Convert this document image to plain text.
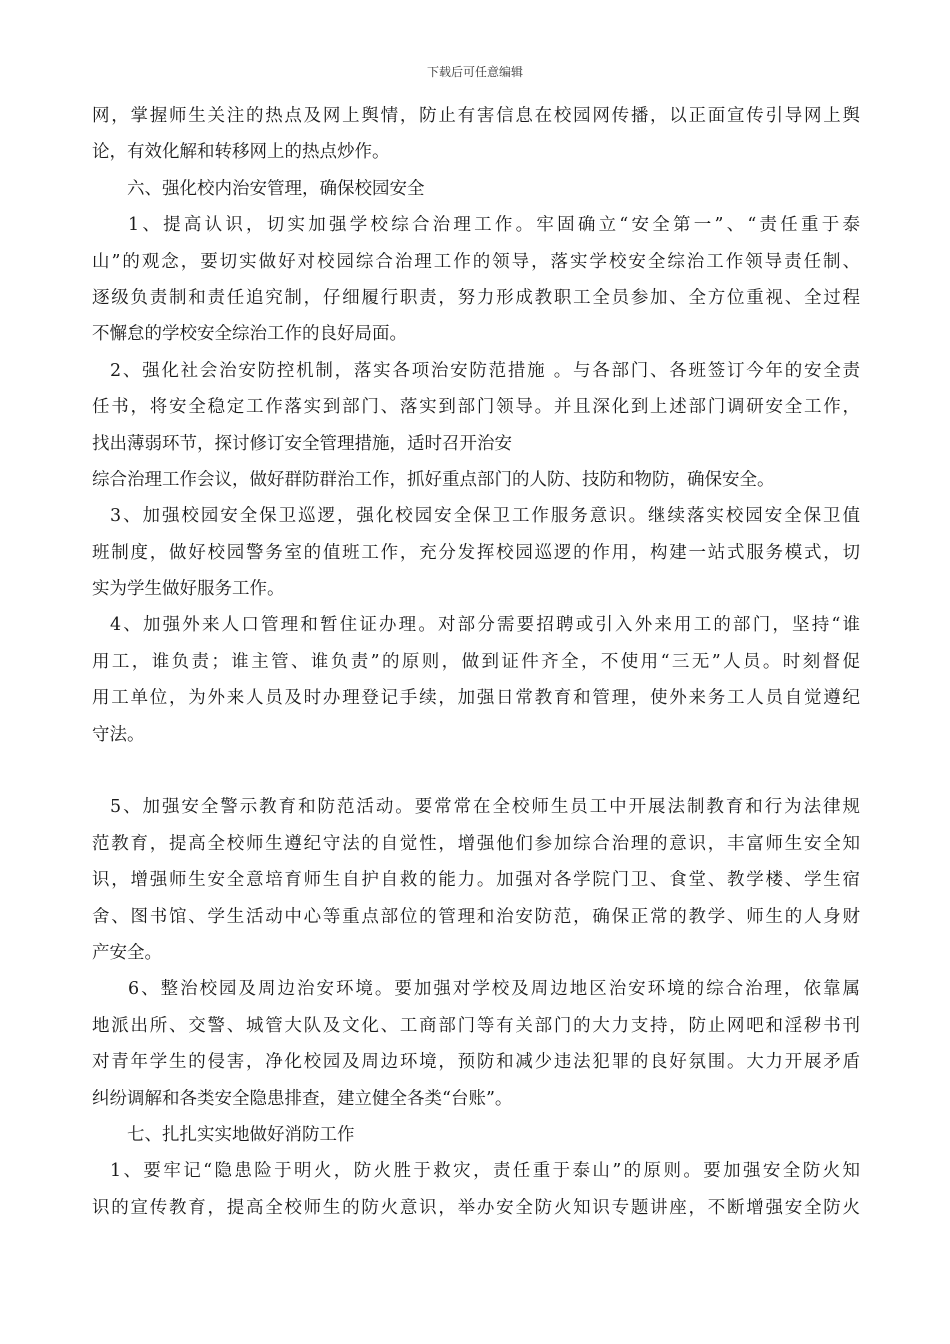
下载后可任意编辑
网，掌握师生关注的热点及网上舆情，防止有害信息在校园网传播，以正面宣传引导网上舆
论，有效化解和转移网上的热点炒作。
六、强化校内治安管理，确保校园安全
1、提高认识，切实加强学校综合治理工作。牢固确立“安全第一”、“责任重于泰
山”的观念，要切实做好对校园综合治理工作的领导，落实学校安全综治工作领导责任制、
逐级负责制和责任追究制，仔细履行职责，努力形成教职工全员参加、全方位重视、全过程
不懈怠的学校安全综治工作的良好局面。
2、强化社会治安防控机制，落实各项治安防范措施 。与各部门、各班签订今年的安全责
任书，将安全稳定工作落实到部门、落实到部门领导。并且深化到上述部门调研安全工作，
找出薄弱环节，探讨修订安全管理措施，适时召开治安
综合治理工作会议，做好群防群治工作，抓好重点部门的人防、技防和物防，确保安全。
3、加强校园安全保卫巡逻，强化校园安全保卫工作服务意识。继续落实校园安全保卫值
班制度，做好校园警务室的值班工作，充分发挥校园巡逻的作用，构建一站式服务模式，切
实为学生做好服务工作。
4、加强外来人口管理和暂住证办理。对部分需要招聘或引入外来用工的部门，坚持“谁
用工，谁负责；谁主管、谁负责”的原则，做到证件齐全，不使用“三无”人员。时刻督促
用工单位，为外来人员及时办理登记手续，加强日常教育和管理，使外来务工人员自觉遵纪
守法。
5、加强安全警示教育和防范活动。要常常在全校师生员工中开展法制教育和行为法律规
范教育，提高全校师生遵纪守法的自觉性，增强他们参加综合治理的意识，丰富师生安全知
识，增强师生安全意培育师生自护自救的能力。加强对各学院门卫、食堂、教学楼、学生宿
舍、图书馆、学生活动中心等重点部位的管理和治安防范，确保正常的教学、师生的人身财
产安全。
6、整治校园及周边治安环境。要加强对学校及周边地区治安环境的综合治理，依靠属
地派出所、交警、城管大队及文化、工商部门等有关部门的大力支持，防止网吧和淫秽书刊
对青年学生的侵害，净化校园及周边环境，预防和减少违法犯罪的良好氛围。大力开展矛盾
纠纷调解和各类安全隐患排查，建立健全各类“台账”。
七、扎扎实实地做好消防工作
1、要牢记“隐患险于明火，防火胜于救灾，责任重于泰山”的原则。要加强安全防火知
识的宣传教育，提高全校师生的防火意识，举办安全防火知识专题讲座，不断增强安全防火
